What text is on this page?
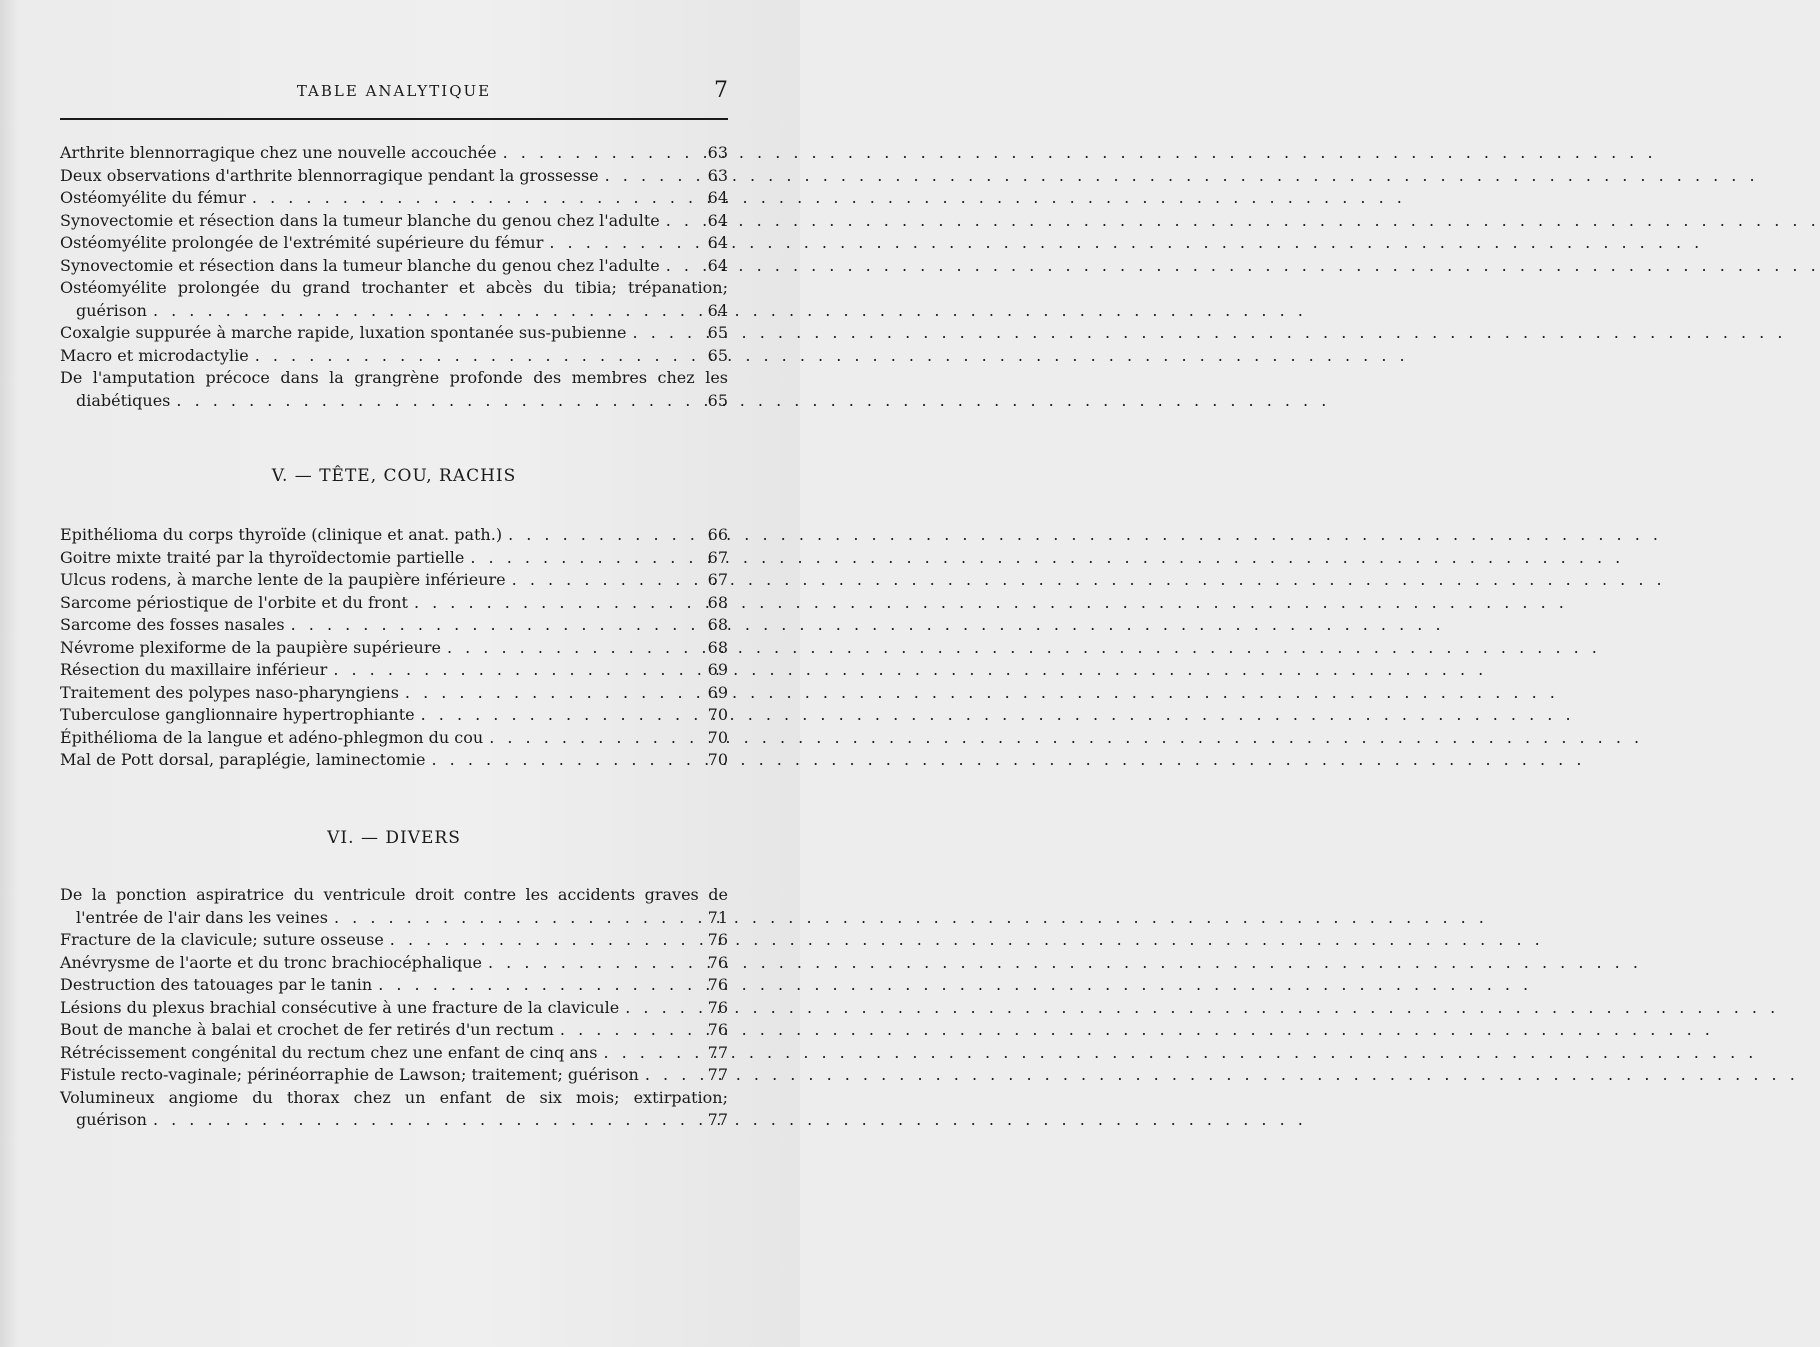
TABLE ANALYTIQUE	7
Arthrite blennorragique chez une nouvelle accouchée . . .	63
Deux observations d'arthrite blennorragique pendant la grossesse . . .	63
Ostéomyélite du fémur . . .	64
Synovectomie et résection dans la tumeur blanche du genou chez l'adulte . . .	64
Ostéomyélite prolongée de l'extrémité supérieure du fémur . . .	64
Synovectomie et résection dans la tumeur blanche du genou chez l'adulte . . .	64
Ostéomyélite prolongée du grand trochanter et abcès du tibia; trépanation;
guérison . . .	64
Coxalgie suppurée à marche rapide, luxation spontanée sus-pubienne . . .	65
Macro et microdactylie . . .	65
De l'amputation précoce dans la grangrène profonde des membres chez les
diabétiques . . .	65
V. — TÊTE, COU, RACHIS
Epithélioma du corps thyroïde (clinique et anat. path.) . . .	66
Goitre mixte traité par la thyroïdectomie partielle . . .	67
Ulcus rodens, à marche lente de la paupière inférieure . . .	67
Sarcome périostique de l'orbite et du front . . .	68
Sarcome des fosses nasales . . .	68
Névrome plexiforme de la paupière supérieure . . .	68
Résection du maxillaire inférieur . . .	69
Traitement des polypes naso-pharyngiens . . .	69
Tuberculose ganglionnaire hypertrophiante . . .	70
Épithélioma de la langue et adéno-phlegmon du cou . . .	70
Mal de Pott dorsal, paraplégie, laminectomie . . .	70
VI. — DIVERS
De la ponction aspiratrice du ventricule droit contre les accidents graves de
l'entrée de l'air dans les veines . . .	71
Fracture de la clavicule; suture osseuse . . .	76
Anévrysme de l'aorte et du tronc brachiocéphalique . . .	76
Destruction des tatouages par le tanin . . .	76
Lésions du plexus brachial consécutive à une fracture de la clavicule . . .	76
Bout de manche à balai et crochet de fer retirés d'un rectum . . .	76
Rétrécissement congénital du rectum chez une enfant de cinq ans . . .	77
Fistule recto-vaginale; périnéorraphie de Lawson; traitement; guérison . . .	77
Volumineux angiome du thorax chez un enfant de six mois; extirpation;
guérison . . .	77
